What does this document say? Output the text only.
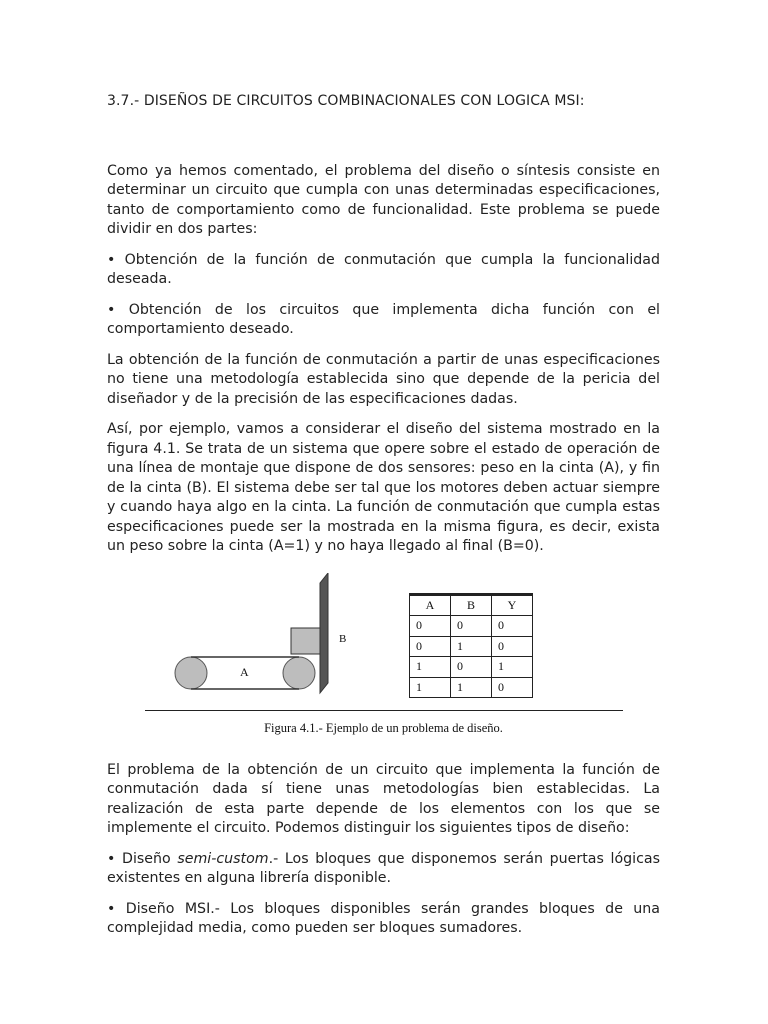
3.7.- DISEÑOS DE CIRCUITOS COMBINACIONALES CON LOGICA MSI:

Como ya hemos comentado, el problema del diseño o síntesis consiste en determinar un circuito que cumpla con unas determinadas especificaciones, tanto de comportamiento como de funcionalidad. Este problema se puede dividir en dos partes:

• Obtención de la función de conmutación que cumpla la funcionalidad deseada.

• Obtención de los circuitos que implementa dicha función con el comportamiento deseado.

La obtención de la función de conmutación a partir de unas especificaciones no tiene una metodología establecida sino que depende de la pericia del diseñador y de la precisión de las especificaciones dadas.

Así, por ejemplo, vamos a considerar el diseño del sistema mostrado en la figura 4.1. Se trata de un sistema que opere sobre el estado de operación de una línea de montaje que dispone de dos sensores: peso en la cinta (A), y fin de la cinta (B). El sistema debe ser tal que los motores deben actuar siempre y cuando haya algo en la cinta. La función de conmutación que cumpla estas especificaciones puede ser la mostrada en la misma figura, es decir, exista un peso sobre la cinta (A=1) y no haya llegado al final (B=0).

A
B
A	B	Y
0	0	0
0	1	0
1	0	1
1	1	0
Figura 4.1.- Ejemplo de un problema de diseño.

El problema de la obtención de un circuito que implementa la función de conmutación dada sí tiene unas metodologías bien establecidas. La realización de esta parte depende de los elementos con los que se implemente el circuito. Podemos distinguir los siguientes tipos de diseño:

• Diseño semi-custom.- Los bloques que disponemos serán puertas lógicas existentes en alguna librería disponible.

• Diseño MSI.- Los bloques disponibles serán grandes bloques de una complejidad media, como pueden ser bloques sumadores.
